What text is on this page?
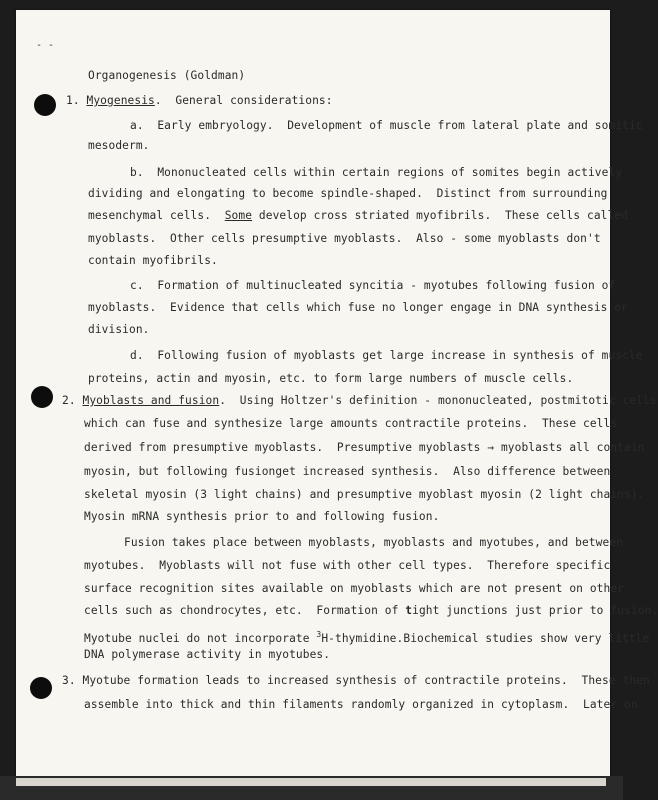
- -
Organogenesis (Goldman)
1. Myogenesis.  General considerations:
a.  Early embryology.  Development of muscle from lateral plate and somitic
mesoderm.
b.  Mononucleated cells within certain regions of somites begin actively
dividing and elongating to become spindle-shaped.  Distinct from surrounding
mesenchymal cells.  Some develop cross striated myofibrils.  These cells called
myoblasts.  Other cells presumptive myoblasts.  Also - some myoblasts don't
contain myofibrils.
c.  Formation of multinucleated syncitia - myotubes following fusion of
myoblasts.  Evidence that cells which fuse no longer engage in DNA synthesis or
division.
d.  Following fusion of myoblasts get large increase in synthesis of muscle
proteins, actin and myosin, etc. to form large numbers of muscle cells.
2. Myoblasts and fusion.  Using Holtzer's definition - mononucleated, postmitotic cells
which can fuse and synthesize large amounts contractile proteins.  These cells
derived from presumptive myoblasts.  Presumptive myoblasts → myoblasts all contain
myosin, but following fusionget increased synthesis.  Also difference between
skeletal myosin (3 light chains) and presumptive myoblast myosin (2 light chains).
Myosin mRNA synthesis prior to and following fusion.
Fusion takes place between myoblasts, myoblasts and myotubes, and between
myotubes.  Myoblasts will not fuse with other cell types.  Therefore specific
surface recognition sites available on myoblasts which are not present on other
cells such as chondrocytes, etc.  Formation of tight junctions just prior to fusion.
Myotube nuclei do not incorporate $^3$H-thymidine.Biochemical studies show very little
DNA polymerase activity in myotubes.
3. Myotube formation leads to increased synthesis of contractile proteins.  These then
assemble into thick and thin filaments randomly organized in cytoplasm.  Later on
